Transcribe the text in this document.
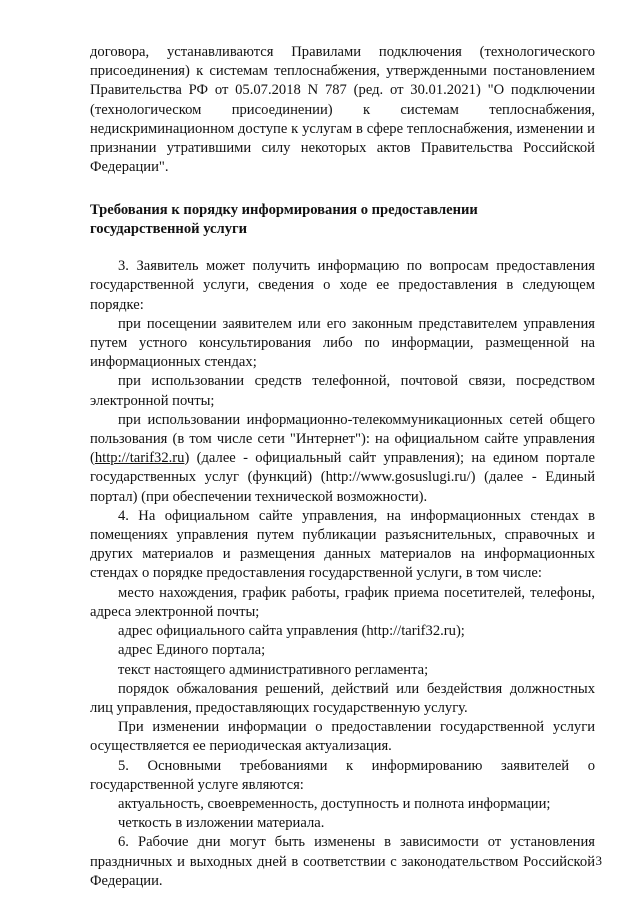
договора, устанавливаются Правилами подключения (технологического присоединения) к системам теплоснабжения, утвержденными постановлением Правительства РФ от 05.07.2018 N 787 (ред. от 30.01.2021) "О подключении (технологическом присоединении) к системам теплоснабжения, недискриминационном доступе к услугам в сфере теплоснабжения, изменении и признании утратившими силу некоторых актов Правительства Российской Федерации".

Требования к порядку информирования о предоставлении

государственной услуги

3. Заявитель может получить информацию по вопросам предоставления государственной услуги, сведения о ходе ее предоставления в следующем порядке:

при посещении заявителем или его законным представителем управления путем устного консультирования либо по информации, размещенной на информационных стендах;

при использовании средств телефонной, почтовой связи, посредством электронной почты;

при использовании информационно-телекоммуникационных сетей общего пользования (в том числе сети "Интернет"): на официальном сайте управления (http://tarif32.ru) (далее - официальный сайт управления); на едином портале государственных услуг (функций) (http://www.gosuslugi.ru/) (далее - Единый портал) (при обеспечении технической возможности).

4. На официальном сайте управления, на информационных стендах в помещениях управления путем публикации разъяснительных, справочных и других материалов и размещения данных материалов на информационных стендах о порядке предоставления государственной услуги, в том числе:

место нахождения, график работы, график приема посетителей, телефоны, адреса электронной почты;

адрес официального сайта управления (http://tarif32.ru);

адрес Единого портала;

текст настоящего административного регламента;

порядок обжалования решений, действий или бездействия должностных лиц управления, предоставляющих государственную услугу.

При изменении информации о предоставлении государственной услуги осуществляется ее периодическая актуализация.

5. Основными требованиями к информированию заявителей о государственной услуге являются:

актуальность, своевременность, доступность и полнота информации;

четкость в изложении материала.

6. Рабочие дни могут быть изменены в зависимости от установления праздничных и выходных дней в соответствии с законодательством Российской Федерации.

3
